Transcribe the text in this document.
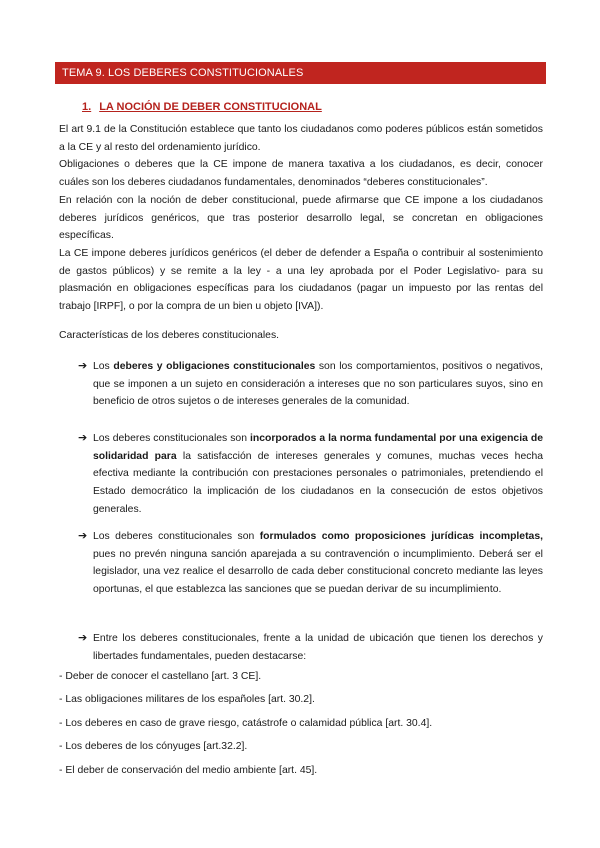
TEMA 9. LOS DEBERES CONSTITUCIONALES
1. LA NOCIÓN DE DEBER CONSTITUCIONAL

El art 9.1 de la Constitución establece que tanto los ciudadanos como poderes públicos están sometidos a la CE y al resto del ordenamiento jurídico.

Obligaciones o deberes que la CE impone de manera taxativa a los ciudadanos, es decir, conocer cuáles son los deberes ciudadanos fundamentales, denominados “deberes constitucionales”.

En relación con la noción de deber constitucional, puede afirmarse que CE impone a los ciudadanos deberes jurídicos genéricos, que tras posterior desarrollo legal, se concretan en obligaciones específicas.

La CE impone deberes jurídicos genéricos (el deber de defender a España o contribuir al sostenimiento de gastos públicos) y se remite a la ley - a una ley aprobada por el Poder Legislativo- para su plasmación en obligaciones específicas para los ciudadanos (pagar un impuesto por las rentas del trabajo [IRPF], o por la compra de un bien u objeto [IVA]).

Características de los deberes constitucionales.
➔ Los deberes y obligaciones constitucionales son los comportamientos, positivos o negativos, que se imponen a un sujeto en consideración a intereses que no son particulares suyos, sino en beneficio de otros sujetos o de intereses generales de la comunidad.
➔ Los deberes constitucionales son incorporados a la norma fundamental por una exigencia de solidaridad para la satisfacción de intereses generales y comunes, muchas veces hecha efectiva mediante la contribución con prestaciones personales o patrimoniales, pretendiendo el Estado democrático la implicación de los ciudadanos en la consecución de estos objetivos generales.
➔ Los deberes constitucionales son formulados como proposiciones jurídicas incompletas, pues no prevén ninguna sanción aparejada a su contravención o incumplimiento. Deberá ser el legislador, una vez realice el desarrollo de cada deber constitucional concreto mediante las leyes oportunas, el que establezca las sanciones que se puedan derivar de su incumplimiento.
➔ Entre los deberes constitucionales, frente a la unidad de ubicación que tienen los derechos y libertades fundamentales, pueden destacarse:
- Deber de conocer el castellano [art. 3 CE].
- Las obligaciones militares de los españoles [art. 30.2].
- Los deberes en caso de grave riesgo, catástrofe o calamidad pública [art. 30.4].
- Los deberes de los cónyuges [art.32.2].
- El deber de conservación del medio ambiente [art. 45].
